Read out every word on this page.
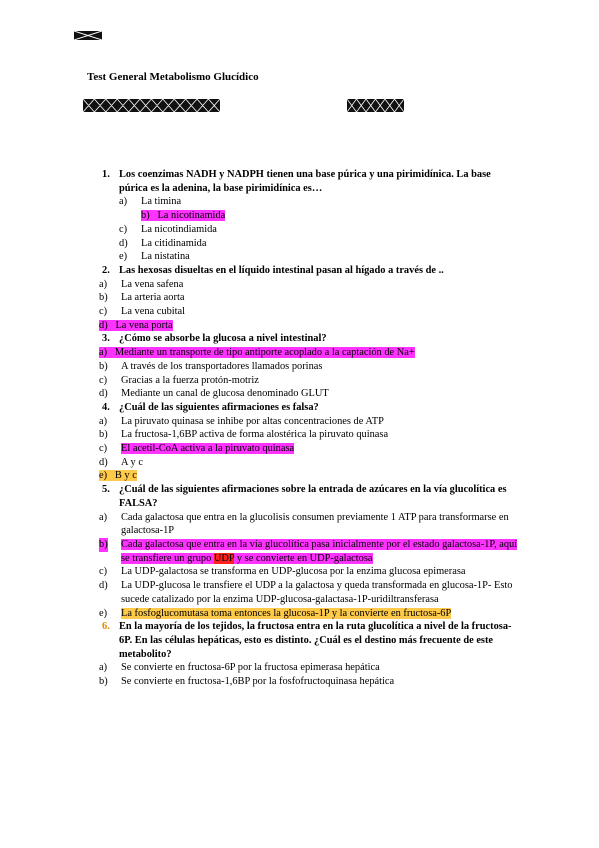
Test General Metabolismo Glucídico
1. Los coenzimas NADH y NADPH tienen una base púrica y una pirimidínica. La base púrica es la adenina, la base pirimidínica es…
a) La timina
b) La nicotinamida
c) La nicotindiamida
d) La citidinamida
e) La nistatina
2. Las hexosas disueltas en el líquido intestinal pasan al hígado a través de ..
a) La vena safena
b) La arteria aorta
c) La vena cubital
d) La vena porta
3. ¿Cómo se absorbe la glucosa a nivel intestinal?
a) Mediante un transporte de tipo antiporte acoplado a la captación de Na+
b) A través de los transportadores llamados porinas
c) Gracias a la fuerza protón-motriz
d) Mediante un canal de glucosa denominado GLUT
4. ¿Cuál de las siguientes afirmaciones es falsa?
a) La piruvato quinasa se inhibe por altas concentraciones de ATP
b) La fructosa-1,6BP activa de forma alostérica la piruvato quinasa
c) El acetil-CoA activa a la piruvato quinasa
d) A y c
e) B y c
5. ¿Cuál de las siguientes afirmaciones sobre la entrada de azúcares en la vía glucolítica es FALSA?
a) Cada galactosa que entra en la glucolisis consumen previamente 1 ATP para transformarse en galactosa-1P
b) Cada galactosa que entra en la vía glucolítica pasa inicialmente por el estado galactosa-1P, aquí se transfiere un grupo UDP y se convierte en UDP-galactosa
c) La UDP-galactosa se transforma en UDP-glucosa por la enzima glucosa epimerasa
d) La UDP-glucosa le transfiere el UDP a la galactosa y queda transformada en glucosa-1P- Esto sucede catalizado por la enzima UDP-glucosa-galactasa-1P-uridiltransferasa
e) La fosfoglucomutasa toma entonces la glucosa-1P y la convierte en fructosa-6P
6. En la mayoría de los tejidos, la fructosa entra en la ruta glucolítica a nivel de la fructosa-6P. En las células hepáticas, esto es distinto. ¿Cuál es el destino más frecuente de este metabolito?
a) Se convierte en fructosa-6P por la fructosa epimerasa hepática
b) Se convierte en fructosa-1,6BP por la fosfofructoquinasa hepática
